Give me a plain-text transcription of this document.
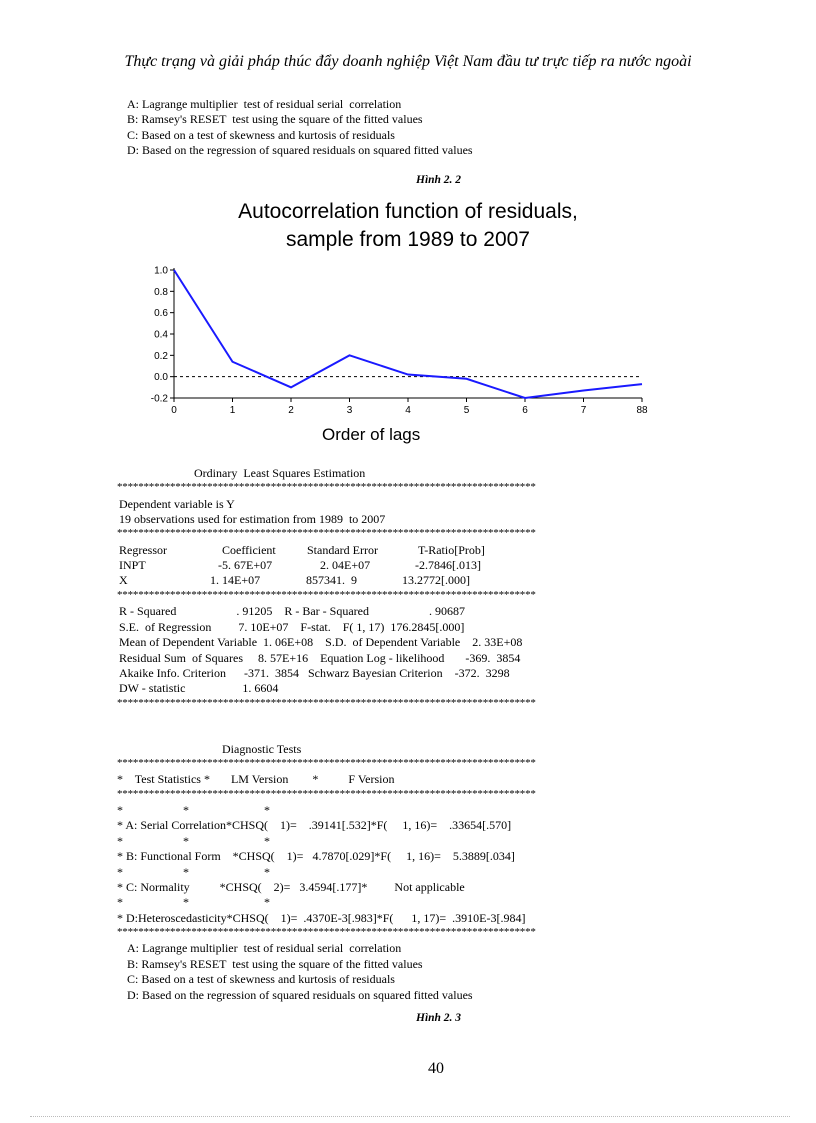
Thực trạng và giải pháp thúc đẩy doanh nghiệp Việt Nam đầu tư trực tiếp ra nước ngoài
A: Lagrange multiplier  test of residual serial  correlation
B: Ramsey's RESET  test using the square of the fitted values
C: Based on a test of skewness and kurtosis of residuals
D: Based on the regression of squared residuals on squared fitted values
Hình 2. 2
Autocorrelation function of residuals,
sample from 1989 to 2007
1.0
0.8
0.6
0.4
0.2
0.0
-0.2
0	1	2	3	4	5	6	7	88
Order of lags
Ordinary  Least Squares Estimation
*******************************************************************************
Dependent variable is Y
19 observations used for estimation from 1989  to 2007
*******************************************************************************
Regressor	Coefficient	Standard Error	T-Ratio[Prob]
INPT	-5. 67E+07	2. 04E+07	-2.7846[.013]
X	1. 14E+07	857341.  9	13.2772[.000]
*******************************************************************************
R - Squared                    . 91205    R - Bar - Squared                    . 90687
S.E.  of Regression         7. 10E+07    F-stat.    F( 1, 17)  176.2845[.000]
Mean of Dependent Variable  1. 06E+08    S.D.  of Dependent Variable    2. 33E+08
Residual Sum  of Squares     8. 57E+16    Equation Log - likelihood       -369.  3854
Akaike Info. Criterion      -371.  3854   Schwarz Bayesian Criterion    -372.  3298
DW - statistic                   1. 6604
*******************************************************************************
Diagnostic Tests
*******************************************************************************
*    Test Statistics *       LM Version        *          F Version
*******************************************************************************
*                    *                         *
* A: Serial Correlation*CHSQ(    1)=    .39141[.532]*F(     1, 16)=    .33654[.570]
*                    *                         *
* B: Functional Form    *CHSQ(    1)=   4.7870[.029]*F(     1, 16)=    5.3889[.034]
*                    *                         *
* C: Normality          *CHSQ(    2)=   3.4594[.177]*         Not applicable
*                    *                         *
* D:Heteroscedasticity*CHSQ(    1)=  .4370E-3[.983]*F(      1, 17)=  .3910E-3[.984]
*******************************************************************************
A: Lagrange multiplier  test of residual serial  correlation
B: Ramsey's RESET  test using the square of the fitted values
C: Based on a test of skewness and kurtosis of residuals
D: Based on the regression of squared residuals on squared fitted values
Hình 2. 3
40
